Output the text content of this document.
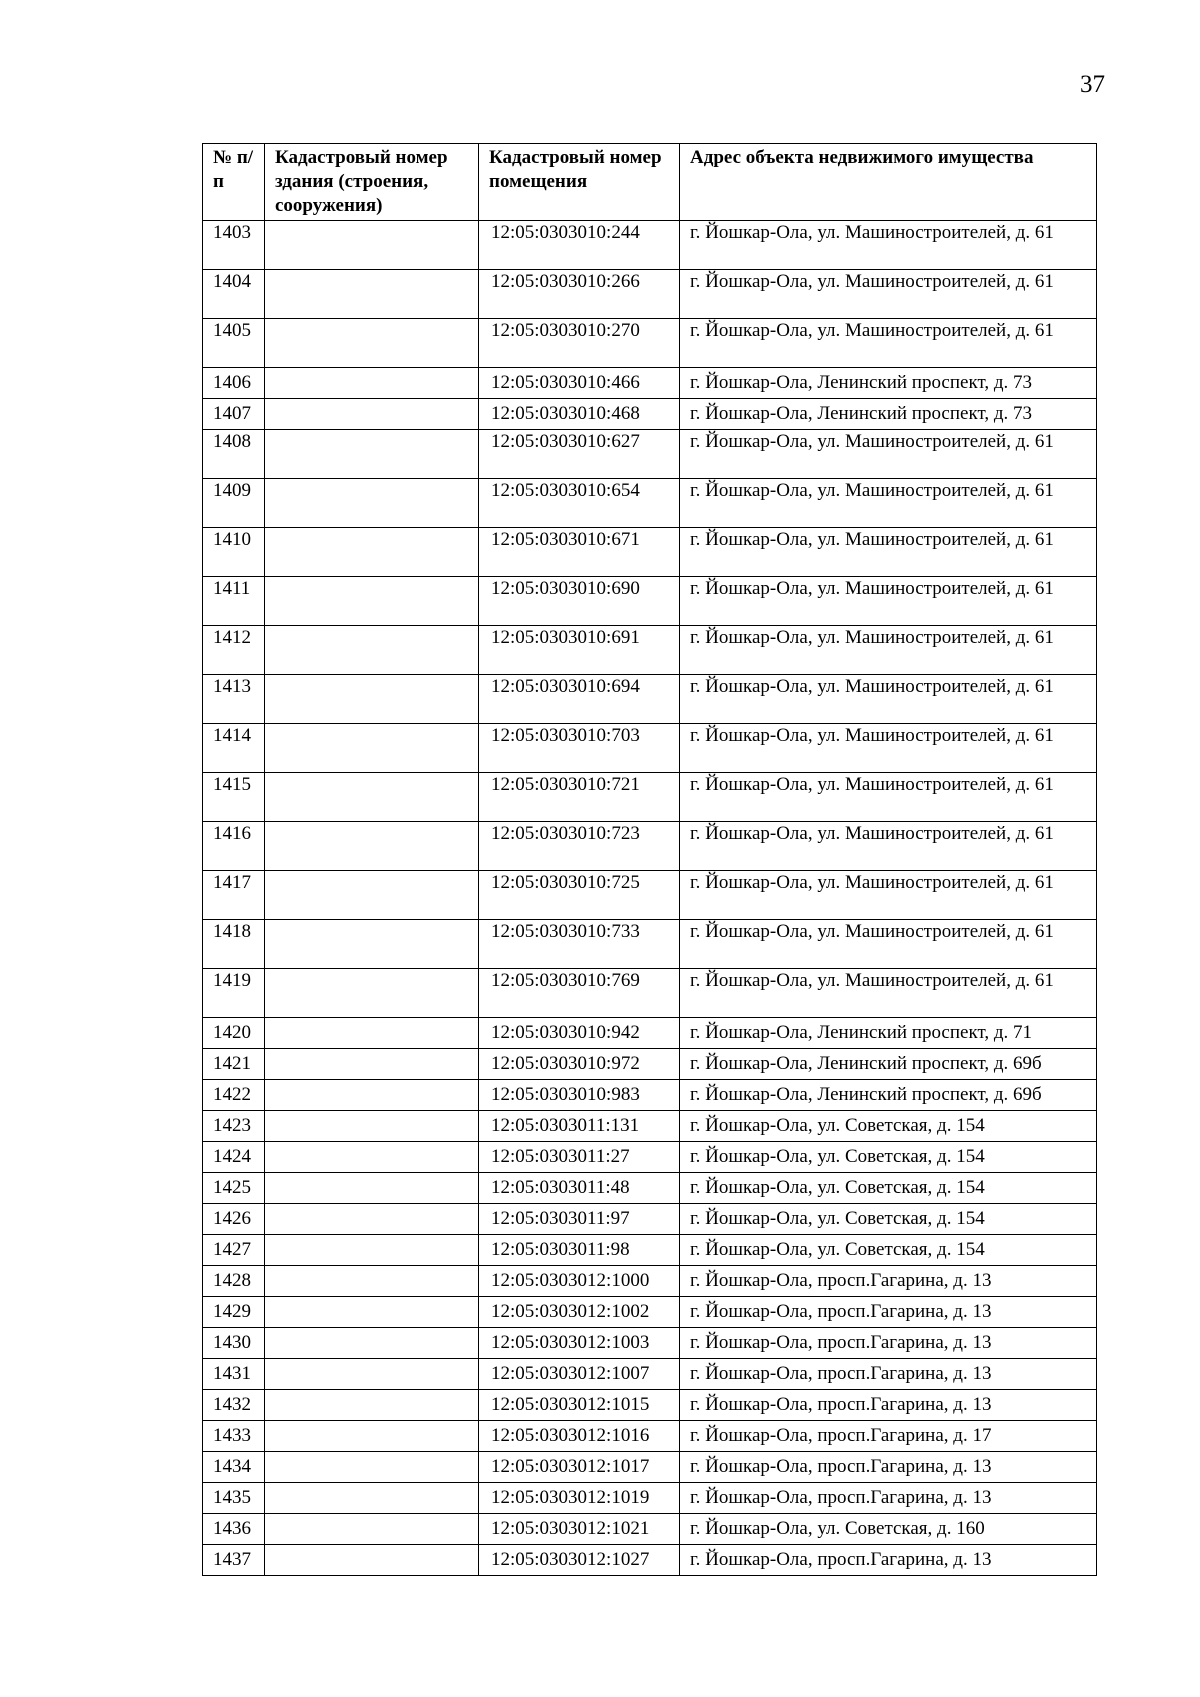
37
№ п/п	Кадастровый номер здания (строения, сооружения)	Кадастровый номер помещения	Адрес объекта недвижимого имущества
1403		12:05:0303010:244	г. Йошкар-Ола, ул. Машиностроителей, д. 61
1404		12:05:0303010:266	г. Йошкар-Ола, ул. Машиностроителей, д. 61
1405		12:05:0303010:270	г. Йошкар-Ола, ул. Машиностроителей, д. 61
1406		12:05:0303010:466	г. Йошкар-Ола, Ленинский проспект, д. 73
1407		12:05:0303010:468	г. Йошкар-Ола, Ленинский проспект, д. 73
1408		12:05:0303010:627	г. Йошкар-Ола, ул. Машиностроителей, д. 61
1409		12:05:0303010:654	г. Йошкар-Ола, ул. Машиностроителей, д. 61
1410		12:05:0303010:671	г. Йошкар-Ола, ул. Машиностроителей, д. 61
1411		12:05:0303010:690	г. Йошкар-Ола, ул. Машиностроителей, д. 61
1412		12:05:0303010:691	г. Йошкар-Ола, ул. Машиностроителей, д. 61
1413		12:05:0303010:694	г. Йошкар-Ола, ул. Машиностроителей, д. 61
1414		12:05:0303010:703	г. Йошкар-Ола, ул. Машиностроителей, д. 61
1415		12:05:0303010:721	г. Йошкар-Ола, ул. Машиностроителей, д. 61
1416		12:05:0303010:723	г. Йошкар-Ола, ул. Машиностроителей, д. 61
1417		12:05:0303010:725	г. Йошкар-Ола, ул. Машиностроителей, д. 61
1418		12:05:0303010:733	г. Йошкар-Ола, ул. Машиностроителей, д. 61
1419		12:05:0303010:769	г. Йошкар-Ола, ул. Машиностроителей, д. 61
1420		12:05:0303010:942	г. Йошкар-Ола, Ленинский проспект, д. 71
1421		12:05:0303010:972	г. Йошкар-Ола, Ленинский проспект, д. 69б
1422		12:05:0303010:983	г. Йошкар-Ола, Ленинский проспект, д. 69б
1423		12:05:0303011:131	г. Йошкар-Ола, ул. Советская, д. 154
1424		12:05:0303011:27	г. Йошкар-Ола, ул. Советская, д. 154
1425		12:05:0303011:48	г. Йошкар-Ола, ул. Советская, д. 154
1426		12:05:0303011:97	г. Йошкар-Ола, ул. Советская, д. 154
1427		12:05:0303011:98	г. Йошкар-Ола, ул. Советская, д. 154
1428		12:05:0303012:1000	г. Йошкар-Ола, просп.Гагарина, д. 13
1429		12:05:0303012:1002	г. Йошкар-Ола, просп.Гагарина, д. 13
1430		12:05:0303012:1003	г. Йошкар-Ола, просп.Гагарина, д. 13
1431		12:05:0303012:1007	г. Йошкар-Ола, просп.Гагарина, д. 13
1432		12:05:0303012:1015	г. Йошкар-Ола, просп.Гагарина, д. 13
1433		12:05:0303012:1016	г. Йошкар-Ола, просп.Гагарина, д. 17
1434		12:05:0303012:1017	г. Йошкар-Ола, просп.Гагарина, д. 13
1435		12:05:0303012:1019	г. Йошкар-Ола, просп.Гагарина, д. 13
1436		12:05:0303012:1021	г. Йошкар-Ола, ул. Советская, д. 160
1437		12:05:0303012:1027	г. Йошкар-Ола, просп.Гагарина, д. 13
